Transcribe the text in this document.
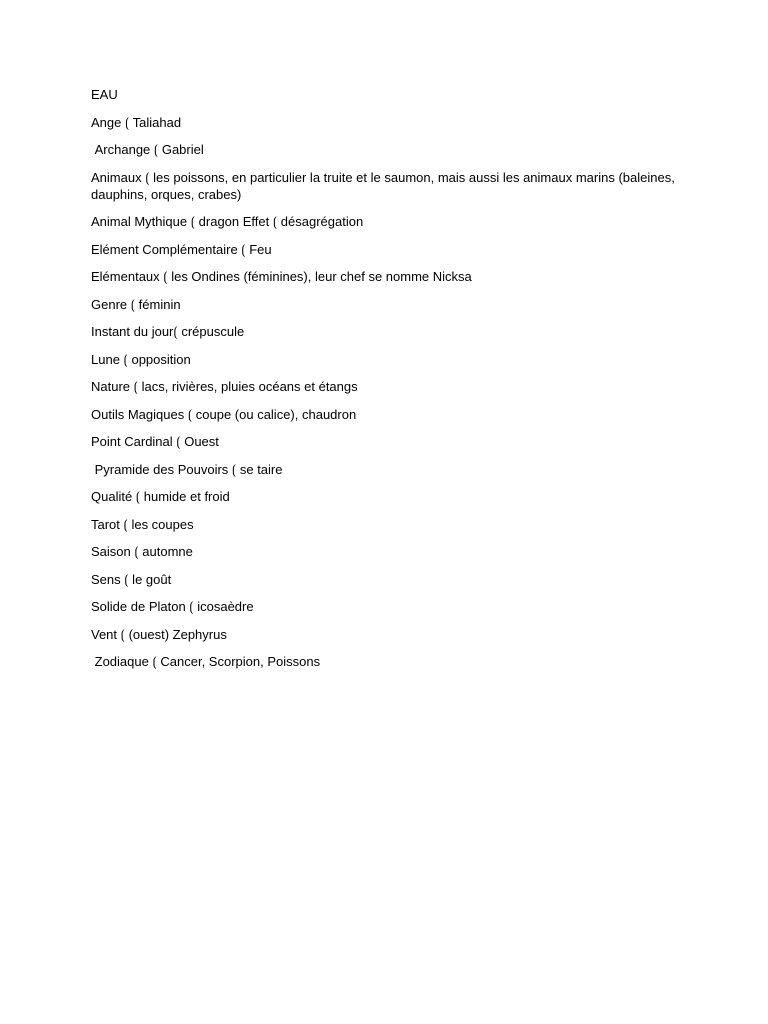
EAU
Ange ⟮ Taliahad
Archange ⟮ Gabriel
Animaux ⟮ les poissons, en particulier la truite et le saumon, mais aussi les animaux marins (baleines, dauphins, orques, crabes)
Animal Mythique ⟮ dragon Effet ⟮ désagrégation
Elément Complémentaire ⟮ Feu
Elémentaux ⟮ les Ondines (féminines), leur chef se nomme Nicksa
Genre ⟮ féminin
Instant du jour⟮ crépuscule
Lune ⟮ opposition
Nature ⟮ lacs, rivières, pluies océans et étangs
Outils Magiques ⟮ coupe (ou calice), chaudron
Point Cardinal ⟮ Ouest
Pyramide des Pouvoirs ⟮ se taire
Qualité ⟮ humide et froid
Tarot ⟮ les coupes
Saison ⟮ automne
Sens ⟮ le goût
Solide de Platon ⟮ icosaèdre
Vent ⟮ (ouest) Zephyrus
Zodiaque ⟮ Cancer, Scorpion, Poissons
